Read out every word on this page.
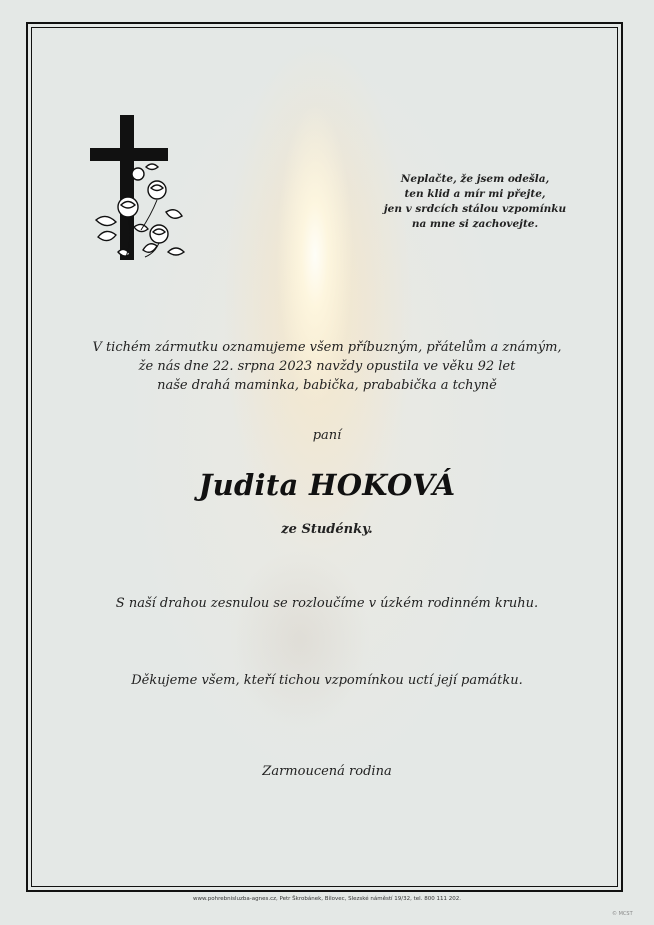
Neplačte, že jsem odešla,
ten klid a mír mi přejte,
jen v srdcích stálou vzpomínku
na mne si zachovejte.
V tichém zármutku oznamujeme všem příbuzným, přátelům a známým,
že nás dne 22. srpna 2023 navždy opustila ve věku 92 let
naše drahá maminka, babička, prababička a tchyně
paní
Judita HOKOVÁ
ze Studénky.
S naší drahou zesnulou se rozloučíme v úzkém rodinném kruhu.
Děkujeme všem, kteří tichou vzpomínkou uctí její památku.
Zarmoucená rodina
www.pohrebnisluzba-agnes.cz, Petr Škrobánek, Bílovec, Slezské náměstí 19/32, tel. 800 111 202.
© MCST
